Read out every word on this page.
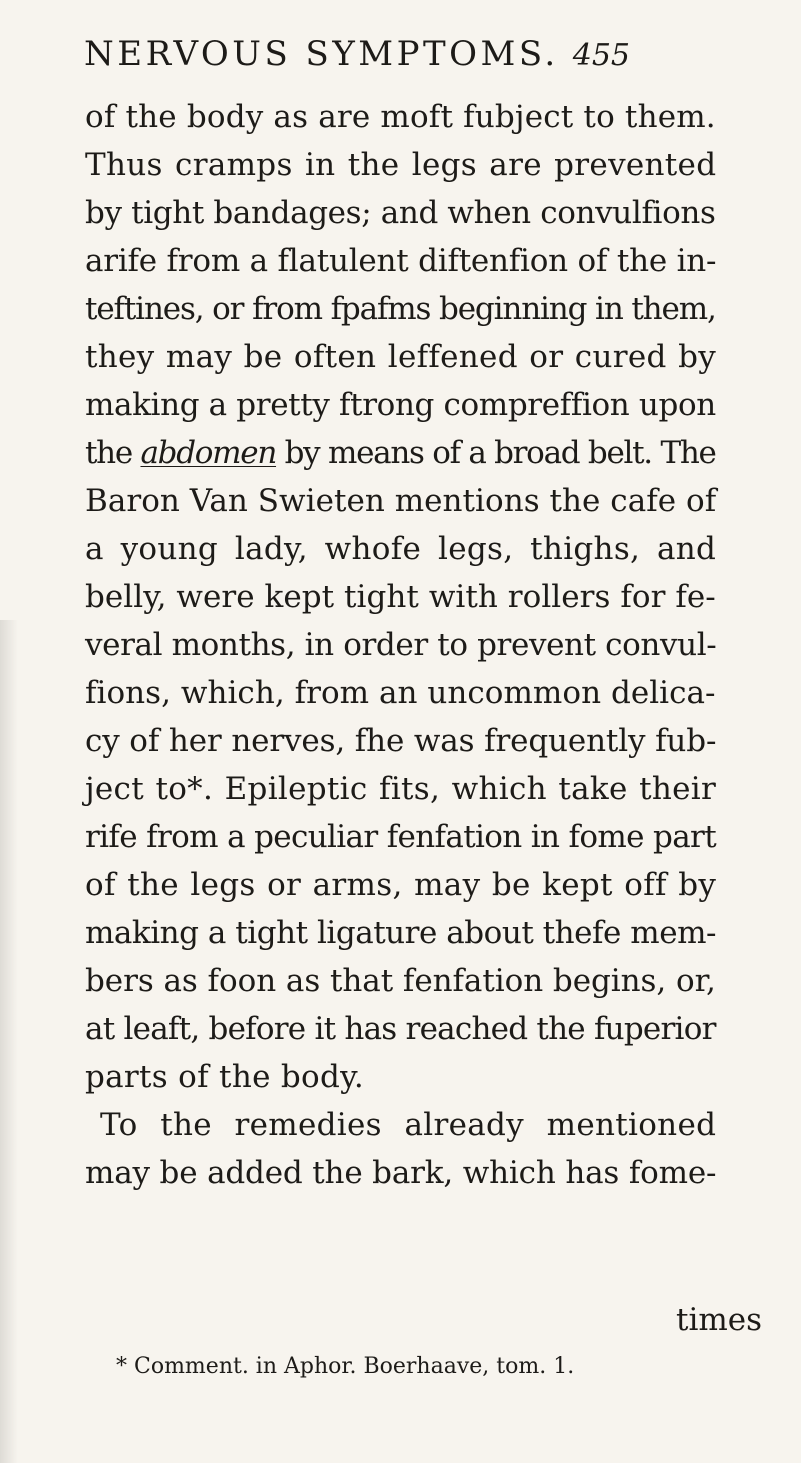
NERVOUS SYMPTOMS. 455
of the body as are moft fubject to them.
Thus cramps in the legs are prevented
by tight bandages; and when convulfions
arife from a flatulent diftenfion of the in-
teftines, or from fpafms beginning in them,
they may be often leffened or cured by
making a pretty ftrong compreffion upon
the abdomen by means of a broad belt. The
Baron Van Swieten mentions the cafe of
a young lady, whofe legs, thighs, and
belly, were kept tight with rollers for fe-
veral months, in order to prevent convul-
fions, which, from an uncommon delica-
cy of her nerves, fhe was frequently fub-
ject to*. Epileptic fits, which take their
rife from a peculiar fenfation in fome part
of the legs or arms, may be kept off by
making a tight ligature about thefe mem-
bers as foon as that fenfation begins, or,
at leaft, before it has reached the fuperior
parts of the body.
To the remedies already mentioned
may be added the bark, which has fome-
times
* Comment. in Aphor. Boerhaave, tom. 1.
